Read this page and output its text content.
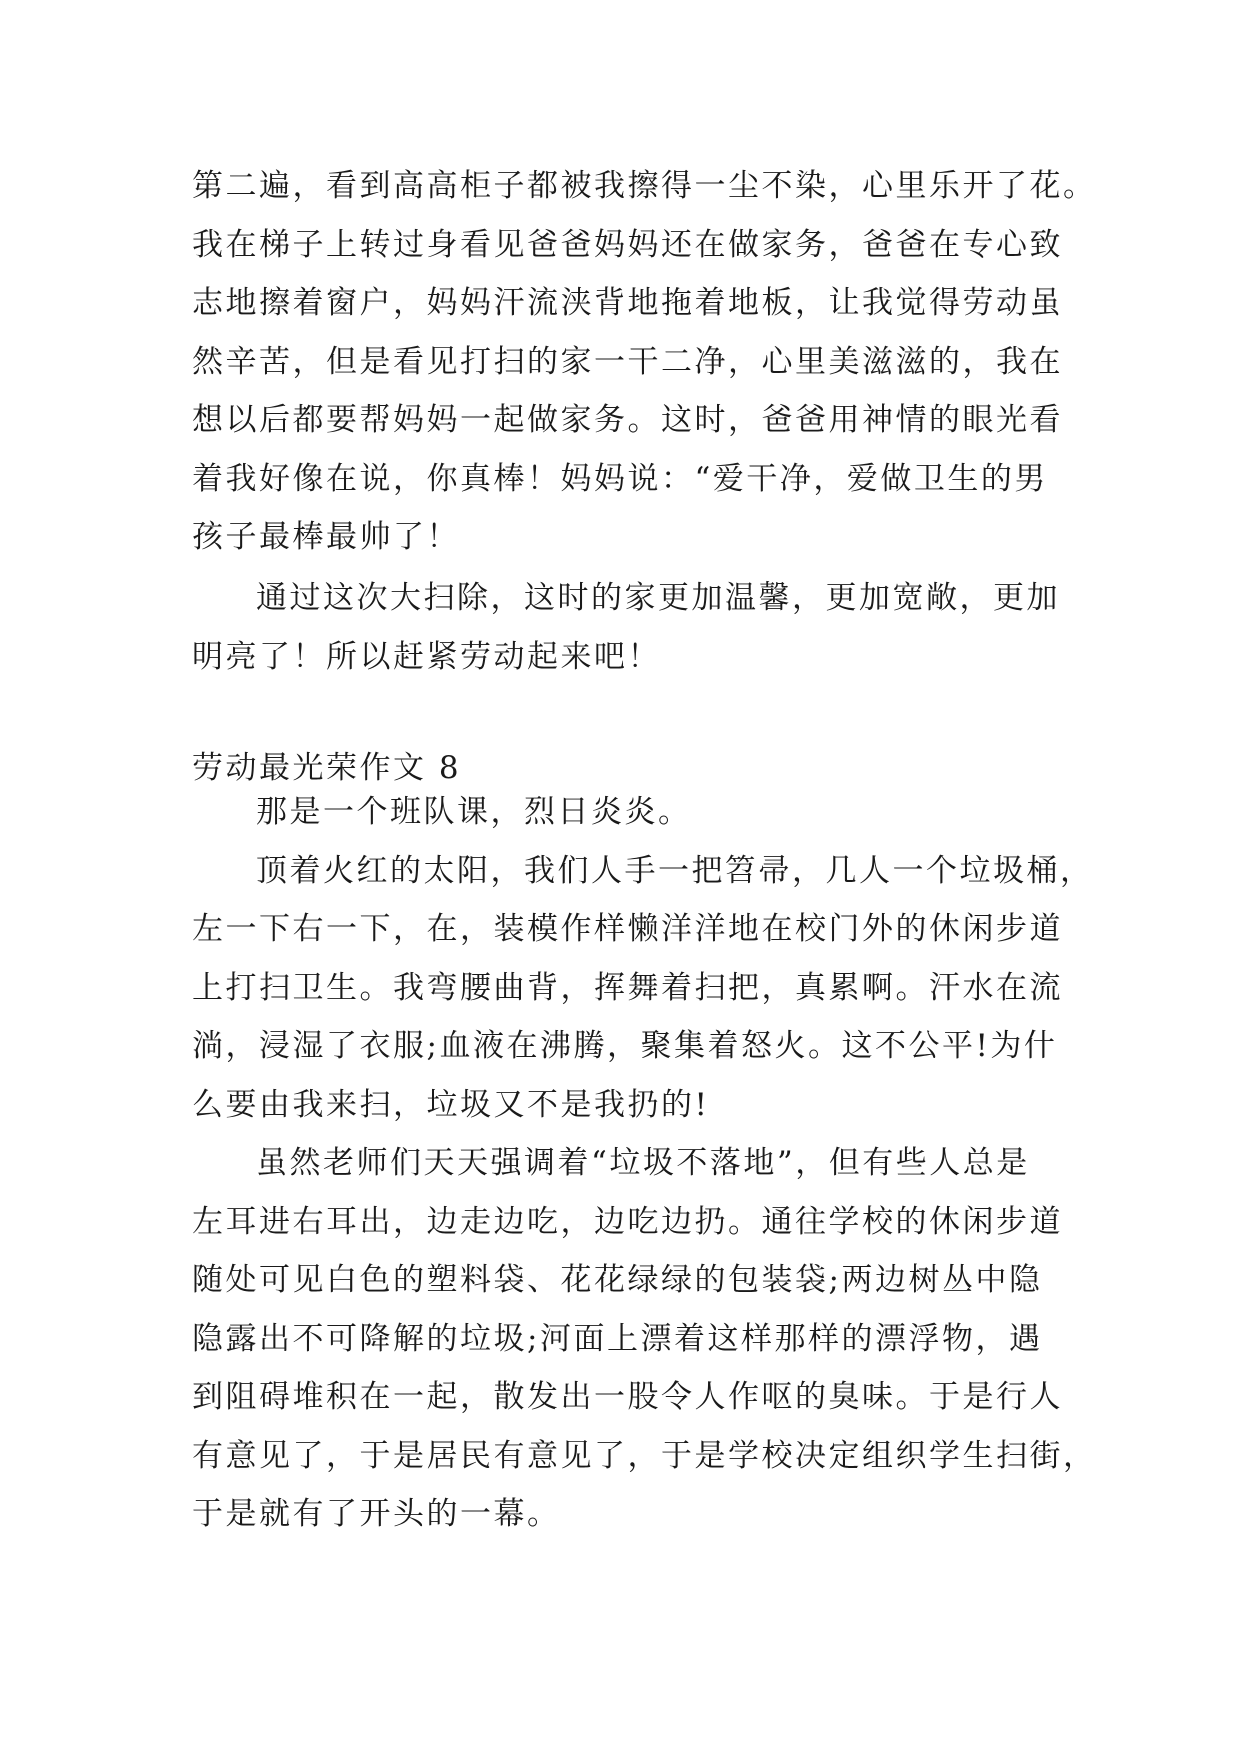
第二遍，看到高高柜子都被我擦得一尘不染，心里乐开了花。
我在梯子上转过身看见爸爸妈妈还在做家务，爸爸在专心致
志地擦着窗户，妈妈汗流浃背地拖着地板，让我觉得劳动虽
然辛苦，但是看见打扫的家一干二净，心里美滋滋的，我在
想以后都要帮妈妈一起做家务。这时，爸爸用神情的眼光看
着我好像在说，你真棒！妈妈说：“爱干净，爱做卫生的男
孩子最棒最帅了！
通过这次大扫除，这时的家更加温馨，更加宽敞，更加
明亮了！所以赶紧劳动起来吧！
劳动最光荣作文 8
那是一个班队课，烈日炎炎。
顶着火红的太阳，我们人手一把笤帚，几人一个垃圾桶，
左一下右一下，在，装模作样懒洋洋地在校门外的休闲步道
上打扫卫生。我弯腰曲背，挥舞着扫把，真累啊。汗水在流
淌，浸湿了衣服;血液在沸腾，聚集着怒火。这不公平!为什
么要由我来扫，垃圾又不是我扔的!
虽然老师们天天强调着“垃圾不落地”，但有些人总是
左耳进右耳出，边走边吃，边吃边扔。通往学校的休闲步道
随处可见白色的塑料袋、花花绿绿的包装袋;两边树丛中隐
隐露出不可降解的垃圾;河面上漂着这样那样的漂浮物，遇
到阻碍堆积在一起，散发出一股令人作呕的臭味。于是行人
有意见了，于是居民有意见了，于是学校决定组织学生扫街，
于是就有了开头的一幕。
